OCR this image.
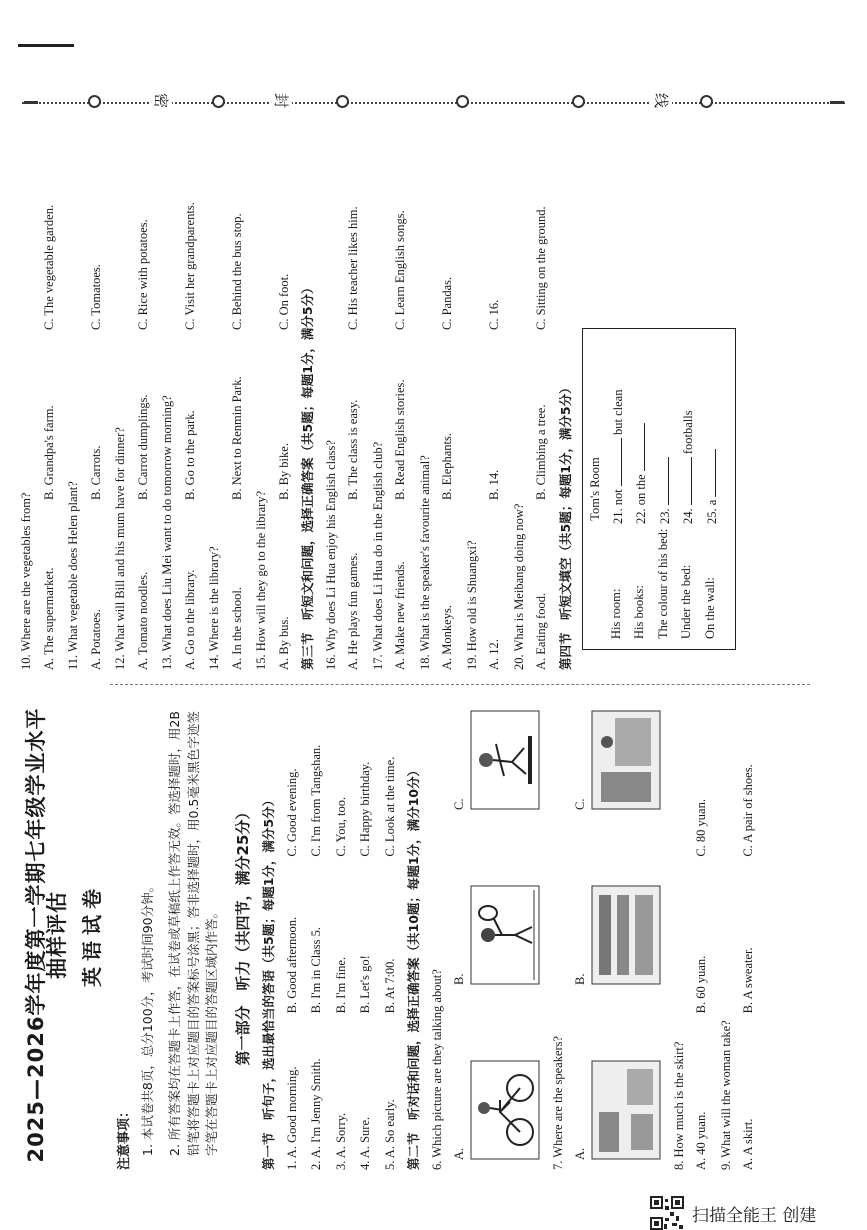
密	封	线
2025—2026学年度第一学期七年级学业水平抽样评估 英语试卷
注意事项： 1. 本试卷共8页，总分100分，考试时间90分钟。 2. 所有答案均在答题卡上作答，在试卷或草稿纸上作答无效。答选择题时，用2B铅笔将答题卡上对应题目的答案标号涂黑；答非选择题时，用0.5毫米黑色字迹签字笔在答题卡上对应题目的答题区域内作答。 第一部分　听力（共四节，满分25分） 第一节　听句子，选出最恰当的答语（共5题；每题1分，满分5分） 1. A. Good morning.
B. Good afternoon.
C. Good evening.
2. A. I'm Jenny Smith.
B. I'm in Class 5.
C. I'm from Tangshan.
3. A. Sorry.
B. I'm fine.
C. You, too.
4. A. Sure.
B. Let's go!
C. Happy birthday.
5. A. So early.
B. At 7:00.
C. Look at the time. 第二节　听对话和问题，选择正确答案（共10题；每题1分，满分10分） 6. Which picture are they talking about? A.
B.
C.
7. Where are the speakers? A.
B.
C.
8. How much is the skirt? A. 40 yuan.
B. 60 yuan.
C. 80 yuan.
9. What will the woman take? A. A skirt.
B. A sweater.
C. A pair of shoes.
10. Where are the vegetables from? A. The supermarket.
B. Grandpa's farm.
C. The vegetable garden.
11. What vegetable does Helen plant? A. Potatoes.
B. Carrots.
C. Tomatoes.
12. What will Bill and his mum have for dinner? A. Tomato noodles.
B. Carrot dumplings.
C. Rice with potatoes.
13. What does Liu Mei want to do tomorrow morning? A. Go to the library.
B. Go to the park.
C. Visit her grandparents.
14. Where is the library? A. In the school.
B. Next to Renmin Park.
C. Behind the bus stop.
15. How will they go to the library? A. By bus.
B. By bike.
C. On foot. 第三节　听短文和问题，选择正确答案（共5题；每题1分，满分5分） 16. Why does Li Hua enjoy his English class? A. He plays fun games.
B. The class is easy.
C. His teacher likes him.
17. What does Li Hua do in the English club? A. Make new friends.
B. Read English stories.
C. Learn English songs.
18. What is the speaker's favourite animal? A. Monkeys.
B. Elephants.
C. Pandas.
19. How old is Shuangxi? A. 12.
B. 14.
C. 16.
20. What is Meibang doing now? A. Eating food.
B. Climbing a tree.
C. Sitting on the ground.
第四节　听短文填空（共5题；每题1分，满分5分） Tom's Room
His room:
21. not  but clean
His books:
22. on the
The colour of his bed:
23.
Under the bed:
24.  footballs
On the wall:
25. a
扫描全能王 创建
